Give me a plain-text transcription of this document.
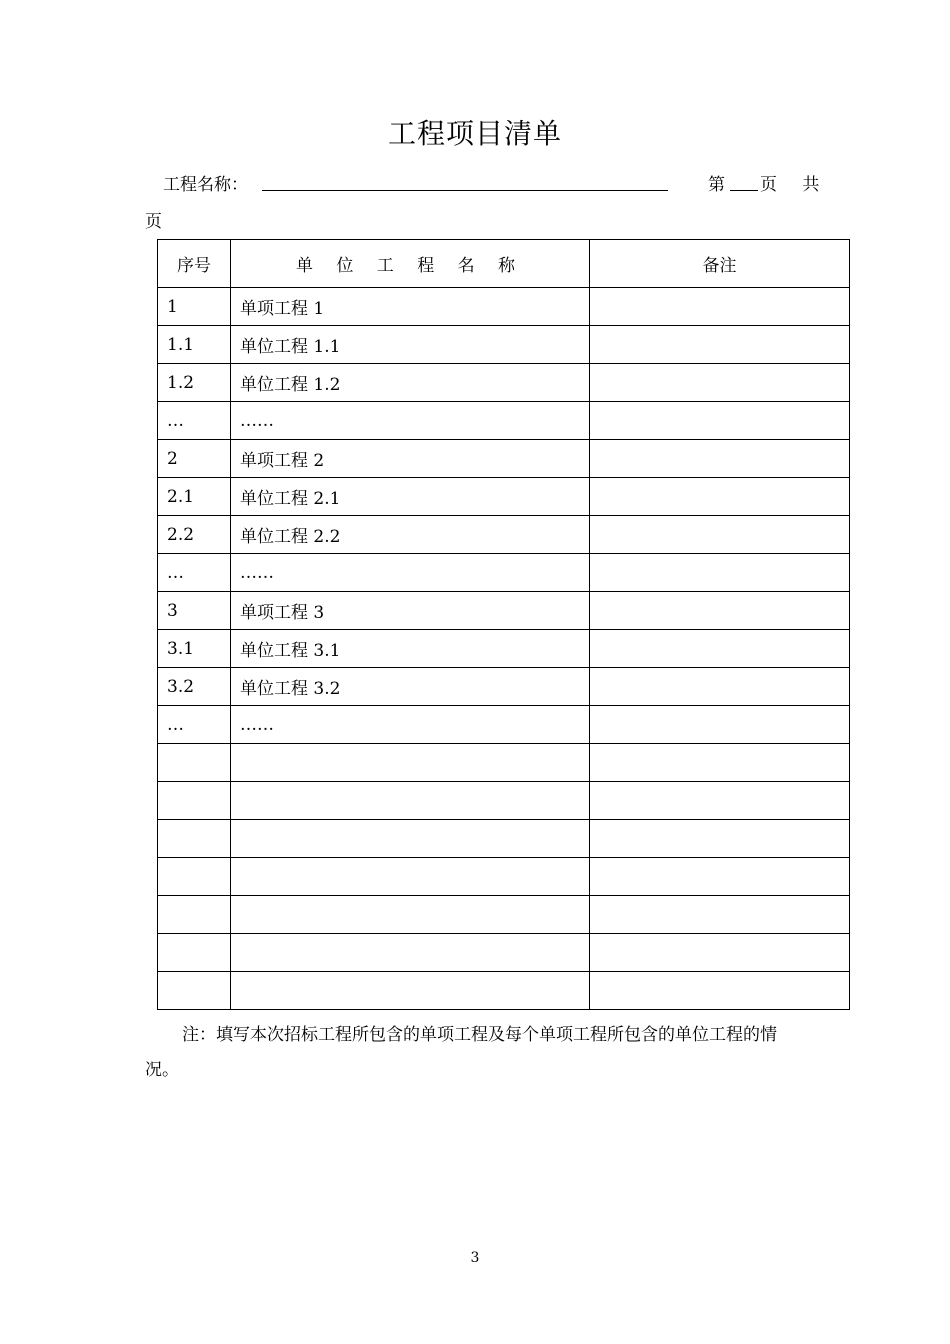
工程项目清单
工程名称：	第 页 共
页
序号	单 位 工 程 名 称	备注
1	单项工程 1	
1.1	单位工程 1.1	
1.2	单位工程 1.2	
…	……	
2	单项工程 2	
2.1	单位工程 2.1	
2.2	单位工程 2.2	
…	……	
3	单项工程 3	
3.1	单位工程 3.1	
3.2	单位工程 3.2	
…	……	

注：填写本次招标工程所包含的单项工程及每个单项工程所包含的单位工程的情况。
3
